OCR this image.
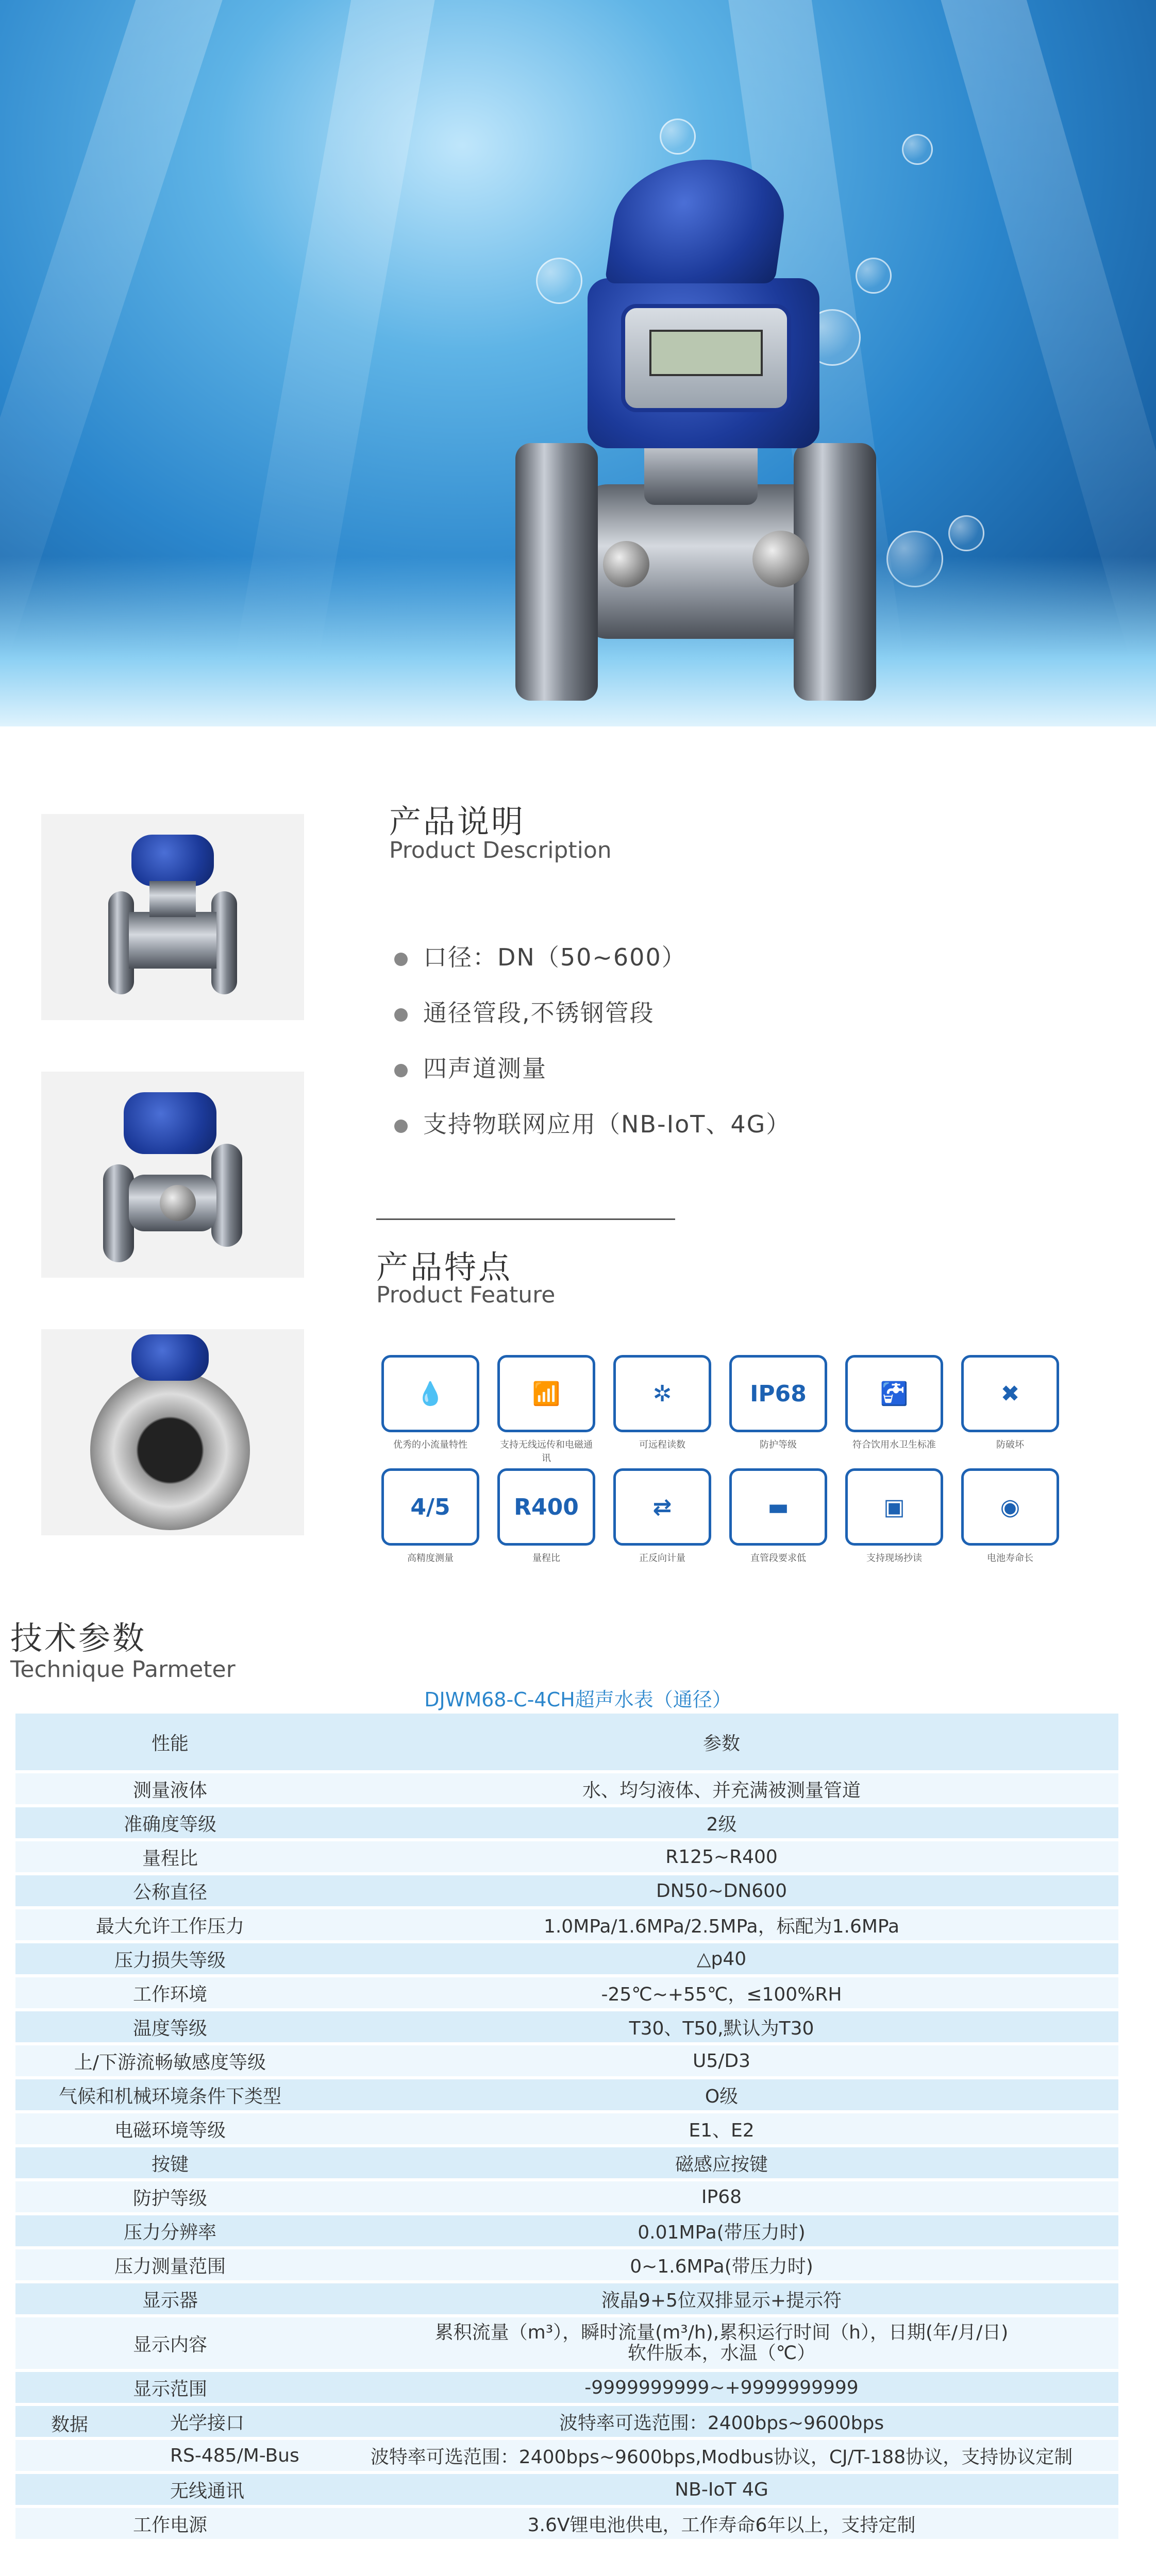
产品说明
Product Description
口径：DN（50~600）
通径管段,不锈钢管段
四声道测量
支持物联网应用（NB-IoT、4G）
产品特点
Product Feature
💧
优秀的小流量特性
📶
支持无线远传和电磁通讯
✲
可远程读数
IP68
防护等级
🚰
符合饮用水卫生标准
✖
防破坏
4/5
高精度测量
R400
量程比
⇄
正反向计量
▬
直管段要求低
▣
支持现场抄读
◉
电池寿命长
技术参数
Technique Parmeter
DJWM68-C-4CH超声水表（通径）
性能	参数
测量液体	水、均匀液体、并充满被测量管道
准确度等级	2级
量程比	R125~R400
公称直径	DN50~DN600
最大允许工作压力	1.0MPa/1.6MPa/2.5MPa，标配为1.6MPa
压力损失等级	△p40
工作环境	-25℃~+55℃，≤100%RH
温度等级	T30、T50,默认为T30
上/下游流畅敏感度等级	U5/D3
气候和机械环境条件下类型	O级
电磁环境等级	E1、E2
按键	磁感应按键
防护等级	IP68
压力分辨率	0.01MPa(带压力时)
压力测量范围	0~1.6MPa(带压力时)
显示器	液晶9+5位双排显示+提示符
显示内容	累积流量（m³），瞬时流量(m³/h),累积运行时间（h），日期(年/月/日)
软件版本，水温（℃）

显示范围	-9999999999~+9999999999

数据 光学接口	波特率可选范围：2400bps~9600bps

RS-485/M-Bus	波特率可选范围：2400bps~9600bps,Modbus协议，CJ/T-188协议，支持协议定制

无线通讯	NB-IoT 4G
工作电源	3.6V锂电池供电，工作寿命6年以上，支持定制
